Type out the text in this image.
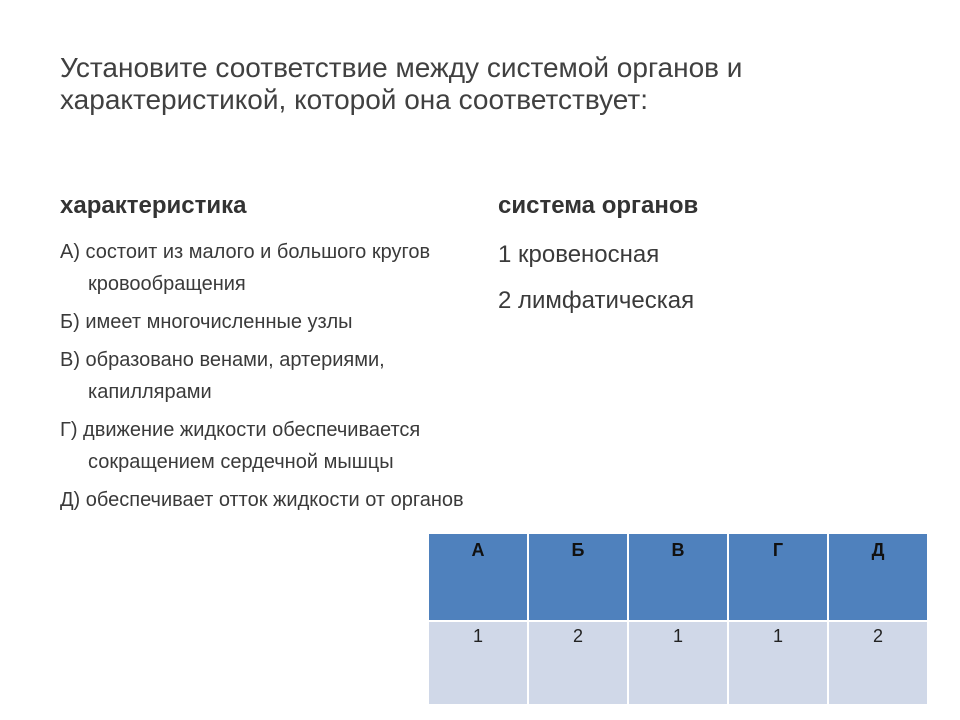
Установите соответствие между системой органов и характеристикой, которой она соответствует:
характеристика	система органов
А) состоит из малого и большого кругов кровообращения
Б) имеет многочисленные узлы
В) образовано венами, артериями, капиллярами
Г) движение жидкости обеспечивается сокращением сердечной мышцы
Д) обеспечивает отток жидкости от органов
1 кровеносная
2 лимфатическая
А	Б	В	Г	Д
1	2	1	1	2
